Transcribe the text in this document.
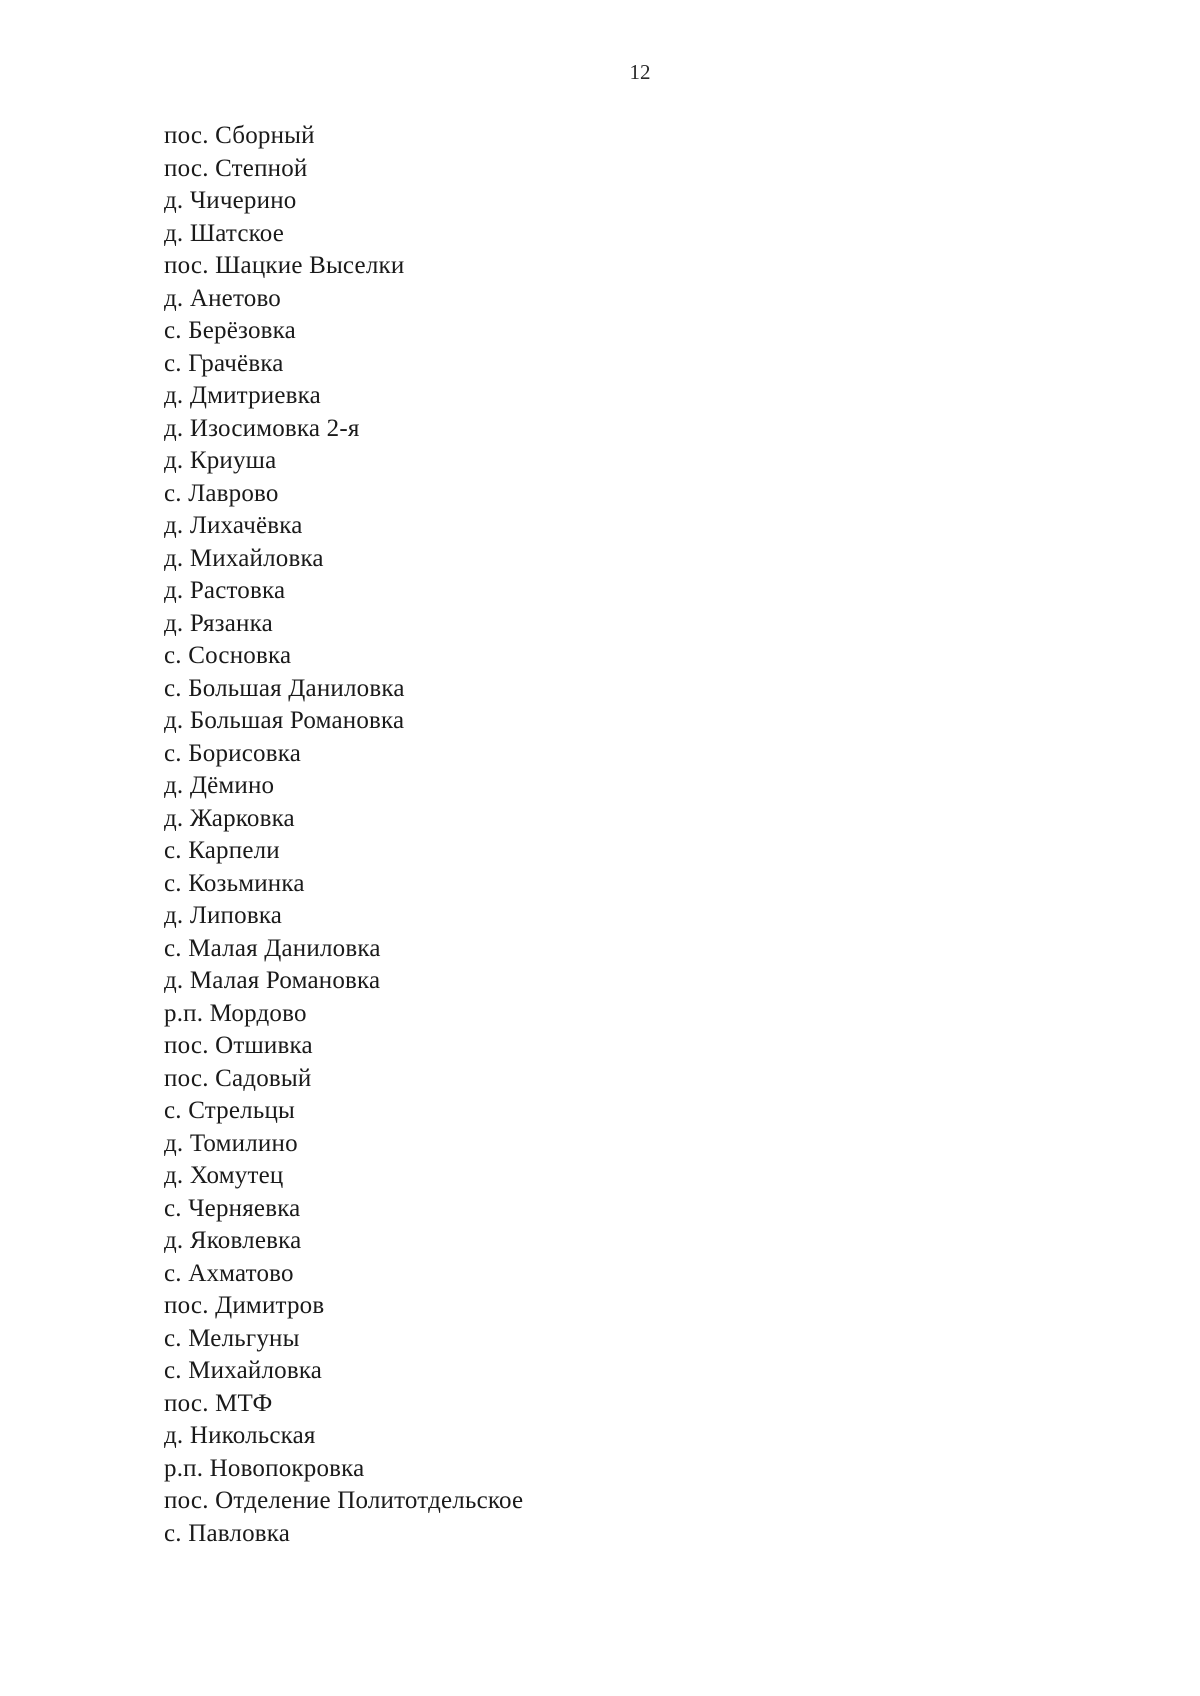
12
пос. Сборный
пос. Степной
д. Чичерино
д. Шатское
пос. Шацкие Выселки
д. Анетово
с. Берёзовка
с. Грачёвка
д. Дмитриевка
д. Изосимовка 2-я
д. Криуша
с. Лаврово
д. Лихачёвка
д. Михайловка
д. Растовка
д. Рязанка
с. Сосновка
с. Большая Даниловка
д. Большая Романовка
с. Борисовка
д. Дёмино
д. Жарковка
с. Карпели
с. Козьминка
д. Липовка
с. Малая Даниловка
д. Малая Романовка
р.п. Мордово
пос. Отшивка
пос. Садовый
с. Стрельцы
д. Томилино
д. Хомутец
с. Черняевка
д. Яковлевка
с. Ахматово
пос. Димитров
с. Мельгуны
с. Михайловка
пос. МТФ
д. Никольская
р.п. Новопокровка
пос. Отделение Политотдельское
с. Павловка
